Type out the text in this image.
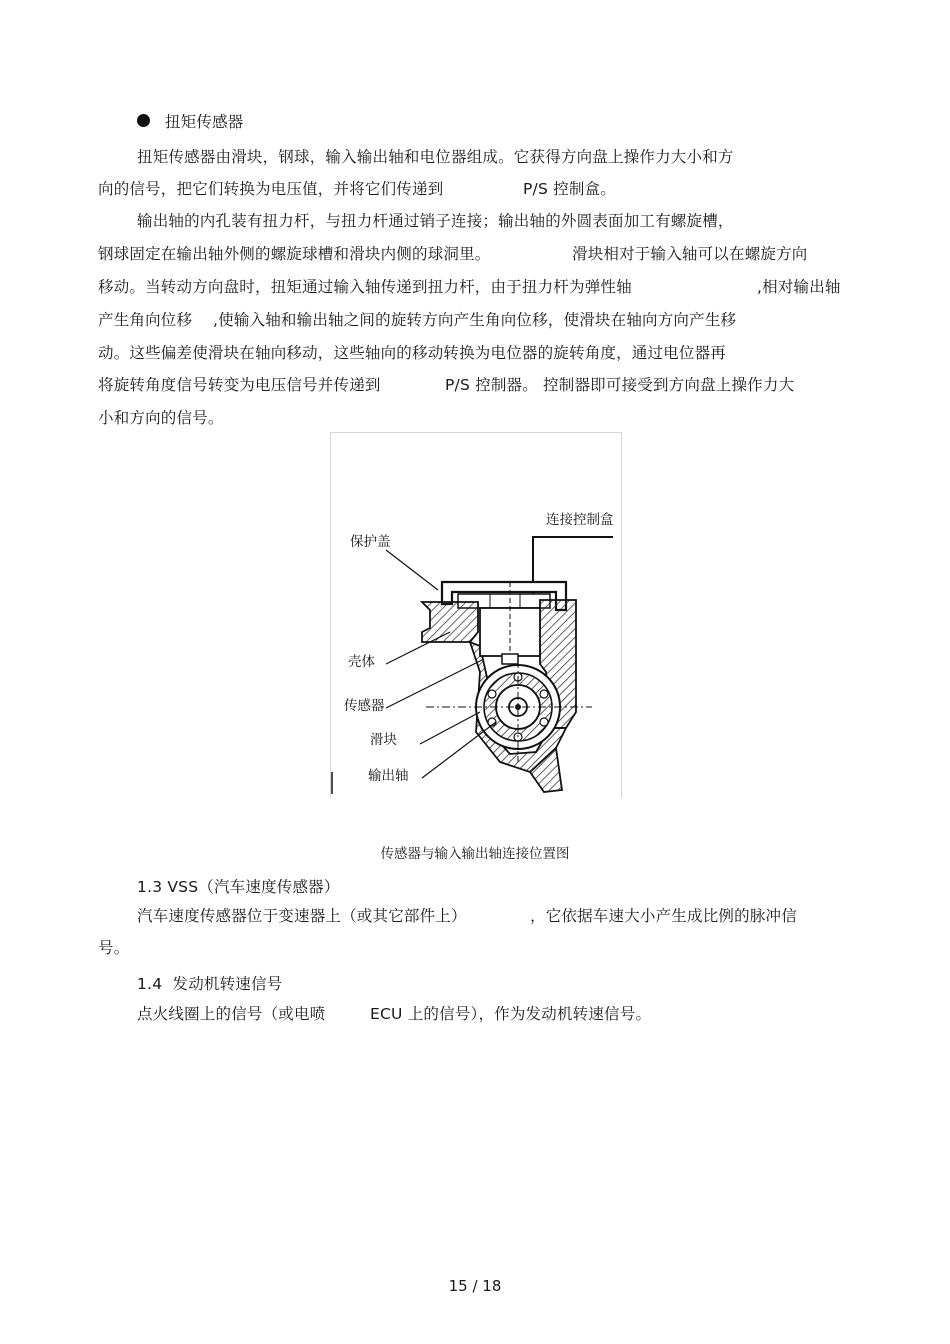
扭矩传感器
扭矩传感器由滑块，钢球，输入输出轴和电位器组成。它获得方向盘上操作力大小和方
向的信号，把它们转换为电压值，并将它们传递到	P/S 控制盒。
输出轴的内孔装有扭力杆，与扭力杆通过销子连接；输出轴的外圆表面加工有螺旋槽，
钢球固定在输出轴外侧的螺旋球槽和滑块内侧的球洞里。	滑块相对于输入轴可以在螺旋方向
移动。当转动方向盘时，扭矩通过输入轴传递到扭力杆，由于扭力杆为弹性轴	,相对输出轴
产生角向位移 ,使输入轴和输出轴之间的旋转方向产生角向位移，使滑块在轴向方向产生移
动。这些偏差使滑块在轴向移动，这些轴向的移动转换为电位器的旋转角度，通过电位器再
将旋转角度信号转变为电压信号并传递到	P/S 控制器。 控制器即可接受到方向盘上操作力大
小和方向的信号。
连接控制盒
保护盖
壳体
传感器
滑块
输出轴
传感器与输入输出轴连接位置图
1.3 VSS（汽车速度传感器）
汽车速度传感器位于变速器上（或其它部件上）	，它依据车速大小产生成比例的脉冲信
号。
1.4  发动机转速信号
点火线圈上的信号（或电喷	ECU 上的信号），作为发动机转速信号。
15 / 18
